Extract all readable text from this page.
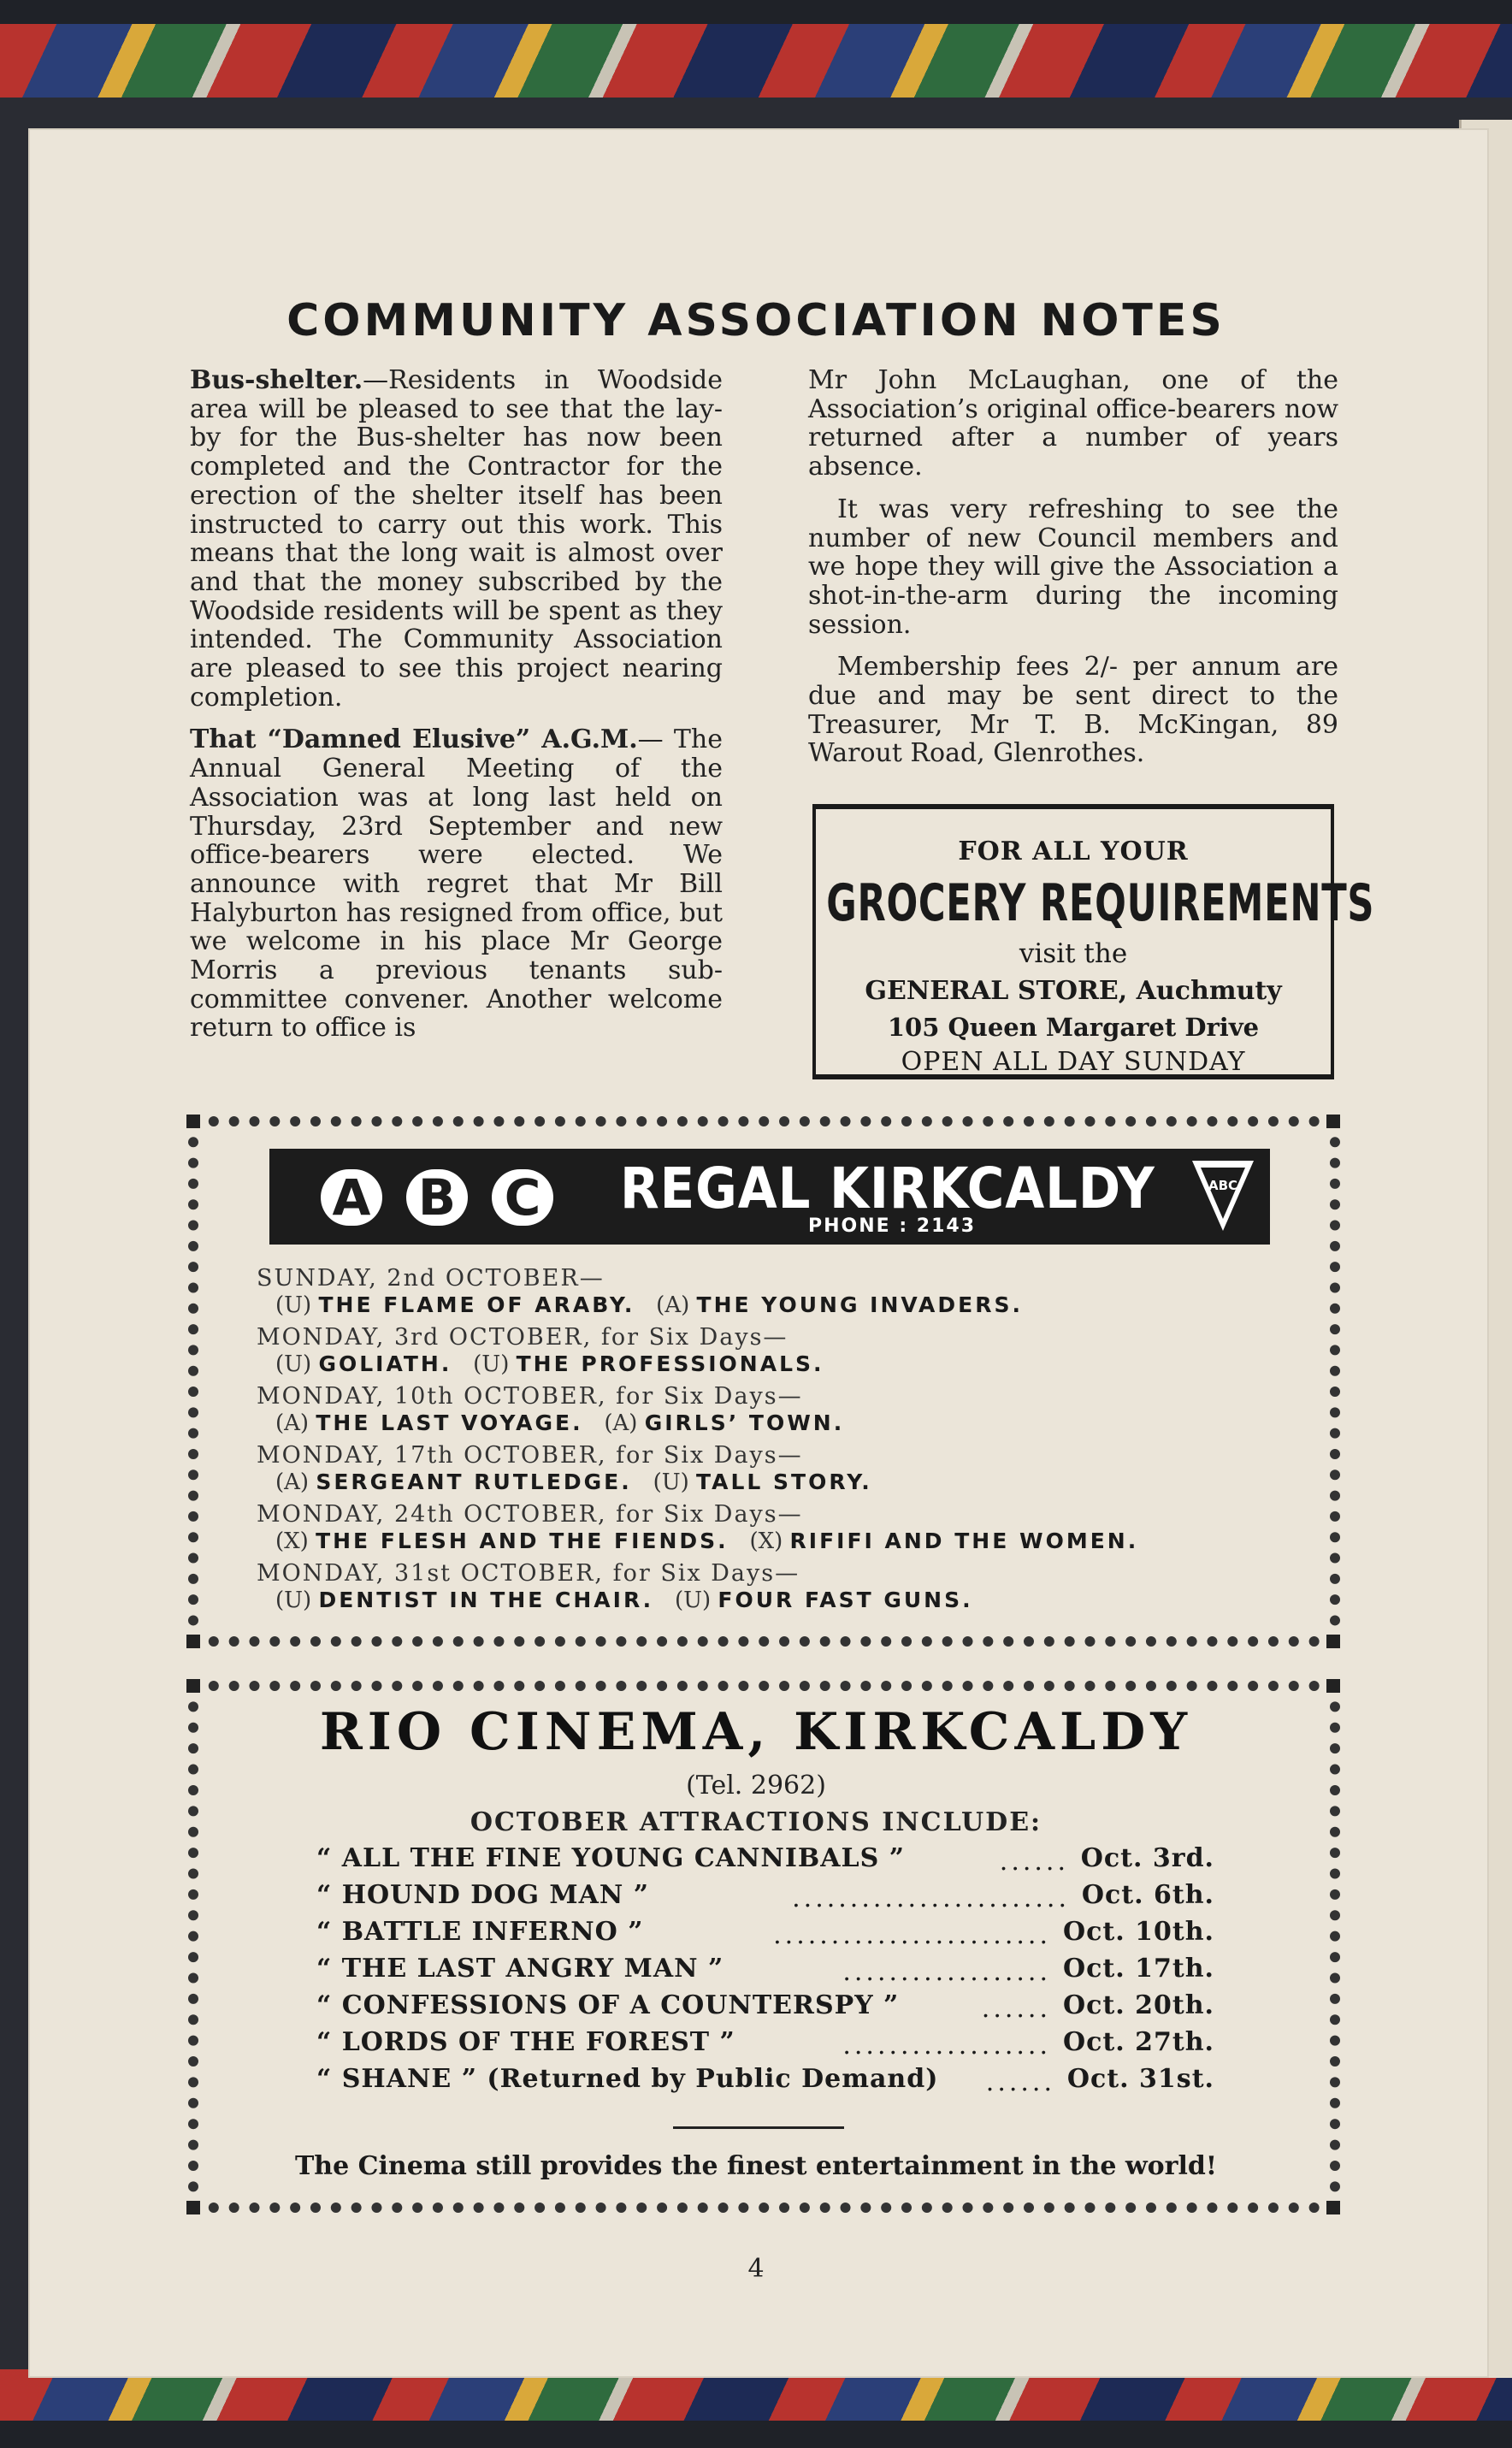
COMMUNITY ASSOCIATION NOTES

Bus-shelter.—Residents in Woodside area will be pleased to see that the lay-by for the Bus-shelter has now been completed and the Contractor for the erection of the shelter itself has been instructed to carry out this work. This means that the long wait is almost over and that the money subscribed by the Woodside residents will be spent as they intended. The Community Association are pleased to see this project nearing completion.

That “Damned Elusive” A.G.M.— The Annual General Meeting of the Association was at long last held on Thursday, 23rd September and new office-bearers were elected. We announce with regret that Mr Bill Halyburton has resigned from office, but we welcome in his place Mr George Morris a previous tenants sub-committee convener. Another welcome return to office is

Mr John McLaughan, one of the Association’s original office-bearers now returned after a number of years absence.

It was very refreshing to see the number of new Council members and we hope they will give the Association a shot-in-the-arm during the incoming session.

Membership fees 2/- per annum are due and may be sent direct to the Treasurer, Mr T. B. McKingan, 89 Warout Road, Glenrothes.

FOR ALL YOUR
GROCERY REQUIREMENTS
visit the
GENERAL STORE, Auchmuty
105 Queen Margaret Drive
OPEN ALL DAY SUNDAY
A B C REGAL KIRKCALDY
PHONE : 2143
ABC
SUNDAY, 2nd OCTOBER—
(U) THE FLAME OF ARABY. (A) THE YOUNG INVADERS.
MONDAY, 3rd OCTOBER, for Six Days—
(U) GOLIATH. (U) THE PROFESSIONALS.
MONDAY, 10th OCTOBER, for Six Days—
(A) THE LAST VOYAGE. (A) GIRLS’ TOWN.
MONDAY, 17th OCTOBER, for Six Days—
(A) SERGEANT RUTLEDGE. (U) TALL STORY.
MONDAY, 24th OCTOBER, for Six Days—
(X) THE FLESH AND THE FIENDS. (X) RIFIFI AND THE WOMEN.
MONDAY, 31st OCTOBER, for Six Days—
(U) DENTIST IN THE CHAIR. (U) FOUR FAST GUNS.
RIO CINEMA, KIRKCALDY
(Tel. 2962)
OCTOBER ATTRACTIONS INCLUDE:
“ ALL THE FINE YOUNG CANNIBALS ”	...... Oct. 3rd.
“ HOUND DOG MAN ”	........................ Oct. 6th.
“ BATTLE INFERNO ”	........................ Oct. 10th.
“ THE LAST ANGRY MAN ”	.................. Oct. 17th.
“ CONFESSIONS OF A COUNTERSPY ”	...... Oct. 20th.
“ LORDS OF THE FOREST ”	.................. Oct. 27th.
“ SHANE ” (Returned by Public Demand)	...... Oct. 31st.
The Cinema still provides the finest entertainment in the world!
4
